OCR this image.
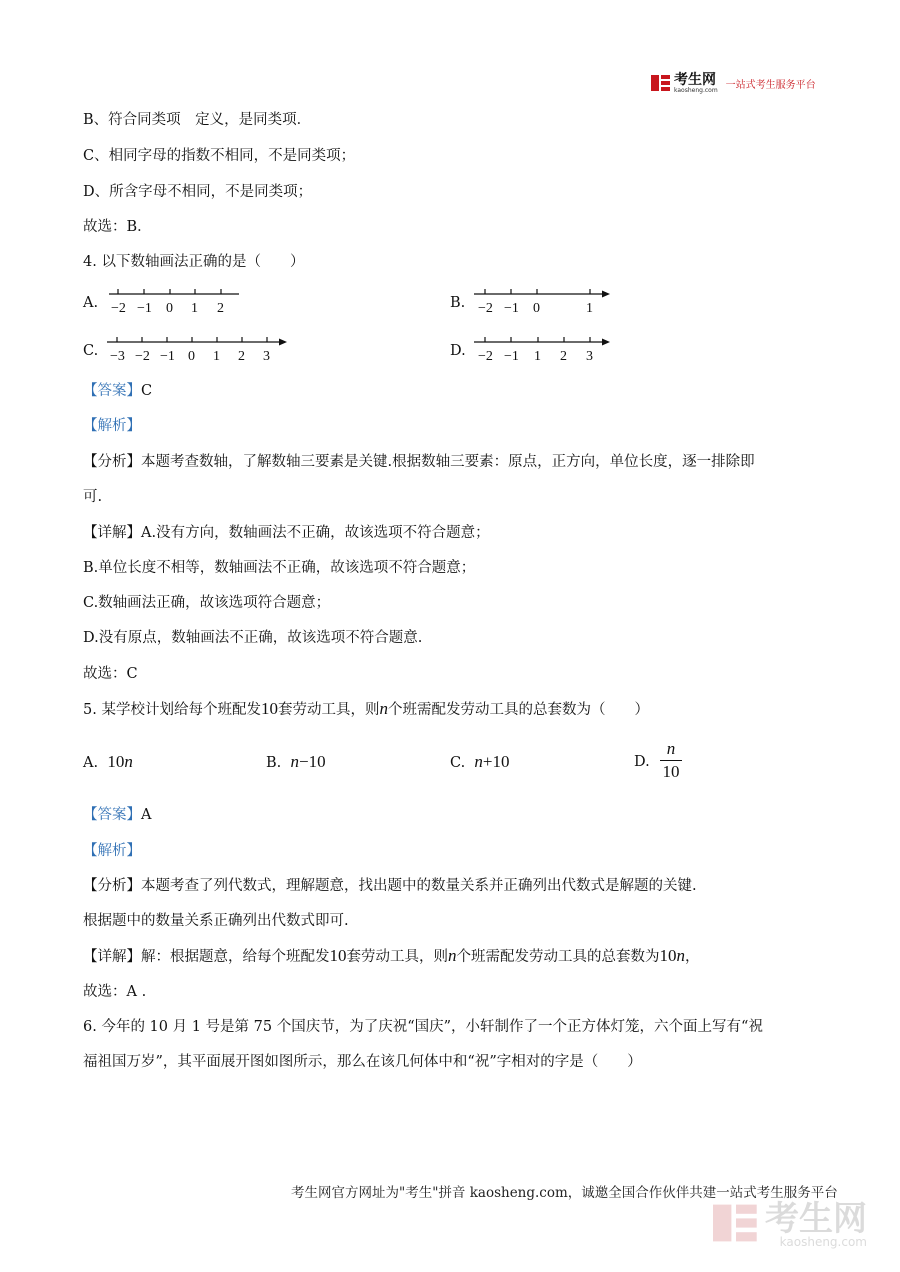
考生网
kaosheng.com 一站式考生服务平台
B、符合同类项　定义，是同类项．
C、相同字母的指数不相同，不是同类项；
D、所含字母不相同，不是同类项；
故选：B．
4. 以下数轴画法正确的是（　　）
A. −2 −1 0 1 2	B. −2 −1 0	1
C. −3 −2 −1 0 1 2 3	D. −2 −1 1 2 3
【答案】C
【解析】
【分析】本题考查数轴，了解数轴三要素是关键.根据数轴三要素：原点，正方向，单位长度，逐一排除即
可.
【详解】A.没有方向，数轴画法不正确，故该选项不符合题意；
B.单位长度不相等，数轴画法不正确，故该选项不符合题意；
C.数轴画法正确，故该选项符合题意；
D.没有原点，数轴画法不正确，故该选项不符合题意.
故选：C
5. 某学校计划给每个班配发10套劳动工具，则n个班需配发劳动工具的总套数为（　　）
A. 10n	B. n−10	C. n+10	D.
n
10
【答案】A
【解析】
【分析】本题考查了列代数式，理解题意，找出题中的数量关系并正确列出代数式是解题的关键.
根据题中的数量关系正确列出代数式即可.
【详解】解：根据题意，给每个班配发10套劳动工具，则n个班需配发劳动工具的总套数为10n，
故选：A .
6. 今年的 10 月 1 号是第 75 个国庆节，为了庆祝“国庆”，小轩制作了一个正方体灯笼，六个面上写有“祝
福祖国万岁”，其平面展开图如图所示，那么在该几何体中和“祝”字相对的字是（　　）
考生网官方网址为"考生"拼音 kaosheng.com，诚邀全国合作伙伴共建一站式考生服务平台
考生网
kaosheng.com
